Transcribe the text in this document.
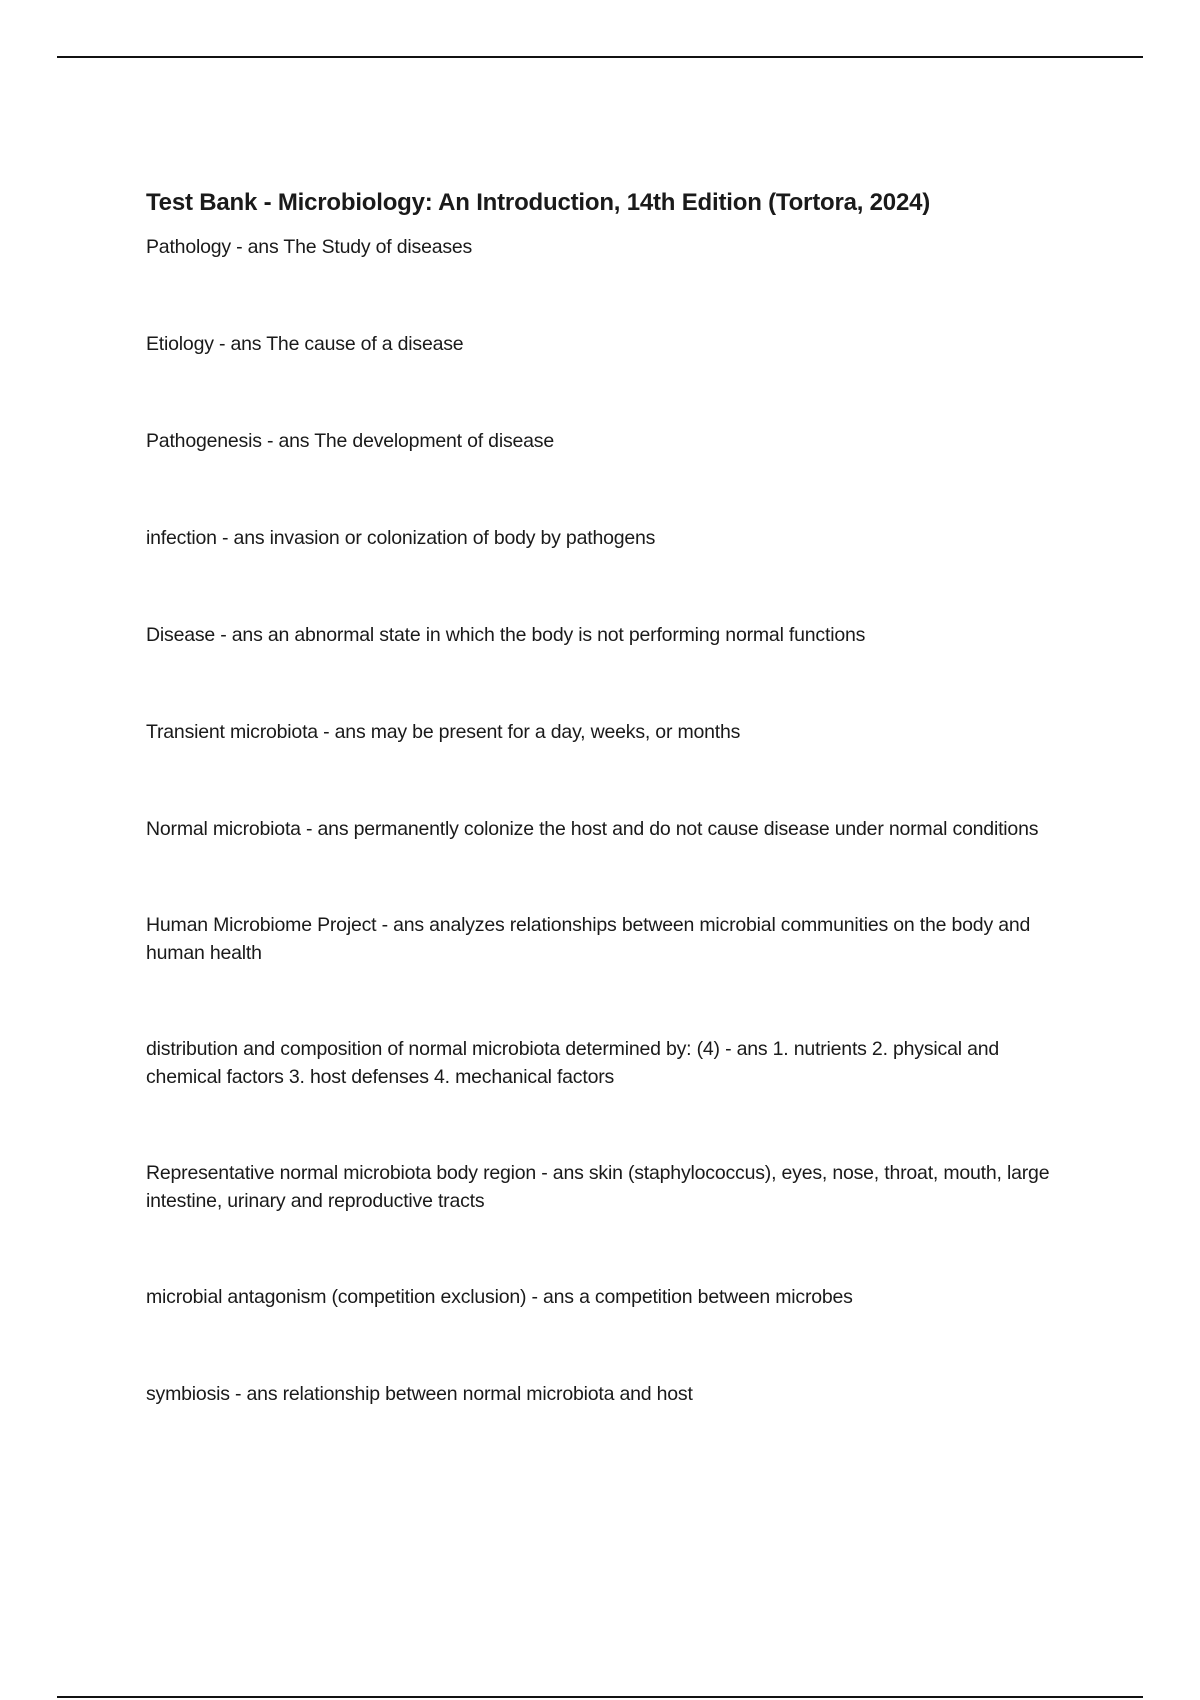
Test Bank - Microbiology: An Introduction, 14th Edition (Tortora, 2024)
Pathology - ans The Study of diseases
Etiology - ans The cause of a disease
Pathogenesis - ans The development of disease
infection - ans invasion or colonization of body by pathogens
Disease - ans an abnormal state in which the body is not performing normal functions
Transient microbiota - ans may be present for a day, weeks, or months
Normal microbiota - ans permanently colonize the host and do not cause disease under normal conditions
Human Microbiome Project - ans analyzes relationships between microbial communities on the body and human health
distribution and composition of normal microbiota determined by: (4) - ans 1. nutrients 2. physical and chemical factors 3. host defenses 4. mechanical factors
Representative normal microbiota body region - ans skin (staphylococcus), eyes, nose, throat, mouth, large intestine, urinary and reproductive tracts
microbial antagonism (competition exclusion) - ans a competition between microbes
symbiosis - ans relationship between normal microbiota and host
